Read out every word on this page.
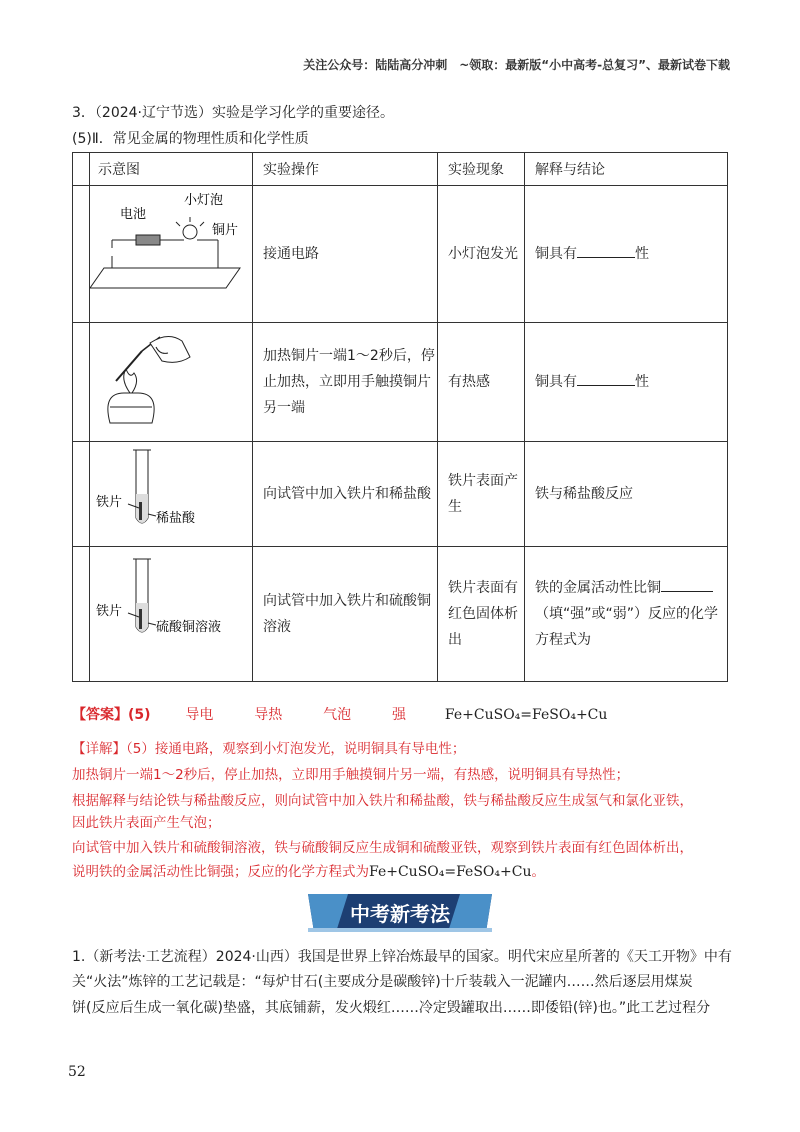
关注公众号：陆陆高分冲刺　~领取：最新版“小中高考-总复习”、最新试卷下载
3．（2024·辽宁节选）实验是学习化学的重要途径。
(5)Ⅱ．常见金属的物理性质和化学性质
	示意图	实验操作	实验现象	解释与结论

电池
小灯泡
铜片	接通电路	小灯泡发光	铜具有 性
		加热铜片一端1～2秒后，停止加热，立即用手触摸铜片另一端	有热感	铜具有 性

铁片
稀盐酸	向试管中加入铁片和稀盐酸	铁片表面产生	铁与稀盐酸反应

铁片
硫酸铜溶液	向试管中加入铁片和硫酸铜溶液	铁片表面有红色固体析出	铁的金属活动性比铜（填“强”或“弱”）反应的化学方程式为
【答案】(5) 导电	导热	气泡	强	Fe+CuSO₄=FeSO₄+Cu
【详解】（5）接通电路，观察到小灯泡发光，说明铜具有导电性；
加热铜片一端1～2秒后，停止加热，立即用手触摸铜片另一端，有热感，说明铜具有导热性；
根据解释与结论铁与稀盐酸反应，则向试管中加入铁片和稀盐酸，铁与稀盐酸反应生成氢气和氯化亚铁，
因此铁片表面产生气泡；
向试管中加入铁片和硫酸铜溶液，铁与硫酸铜反应生成铜和硫酸亚铁，观察到铁片表面有红色固体析出，
说明铁的金属活动性比铜强；反应的化学方程式为Fe+CuSO₄=FeSO₄+Cu。
中考新考法
1.（新考法·工艺流程）2024·山西）我国是世界上锌冶炼最早的国家。明代宋应星所著的《天工开物》中有
关“火法”炼锌的工艺记载是：“每炉甘石(主要成分是碳酸锌)十斤装载入一泥罐内……然后逐层用煤炭
饼(反应后生成一氧化碳)垫盛，其底铺薪，发火煅红……冷定毁罐取出……即倭铅(锌)也。”此工艺过程分
52
